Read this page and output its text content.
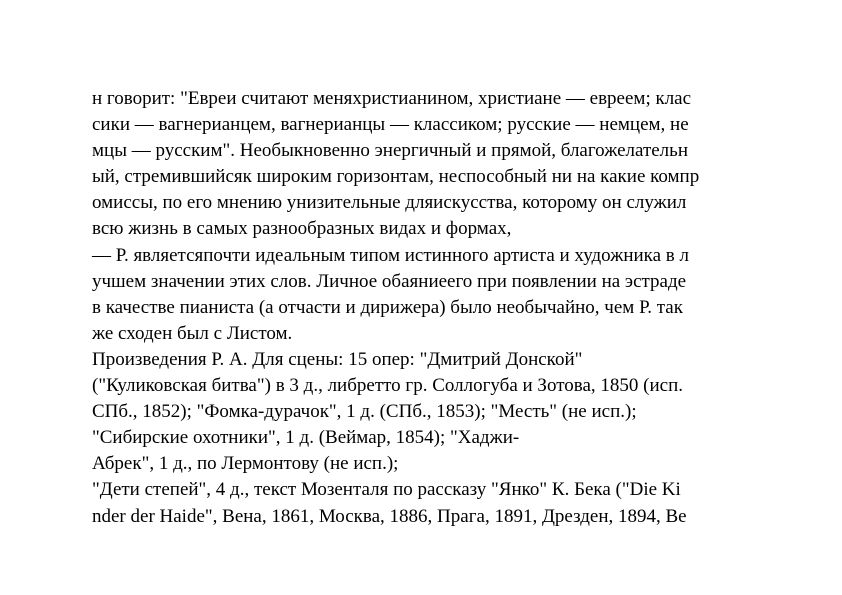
н говорит: "Евреи считают меняхристианином, христиане — евреем; клас
сики — вагнерианцем, вагнерианцы — классиком; русские — немцем, не
мцы — русским". Необыкновенно энергичный и прямой, благожелательн
ый, стремившийсяк широким горизонтам, неспособный ни на какие компр
омиссы, по его мнению унизительные дляискусства, которому он служил
всю жизнь в самых разнообразных видах и формах,
— Р. являетсяпочти идеальным типом истинного артиста и художника в л
учшем значении этих слов. Личное обаяниеего при появлении на эстраде
в качестве пианиста (а отчасти и дирижера) было необычайно, чем Р. так
же сходен был с Листом.
Произведения Р. А. Для сцены: 15 опер: "Дмитрий Донской"
("Куликовская битва") в 3 д., либретто гр. Соллогуба и Зотова, 1850 (исп.
СПб., 1852); "Фомка-дурачок", 1 д. (СПб., 1853); "Месть" (не исп.);
"Сибирские охотники", 1 д. (Веймар, 1854); "Хаджи-
Абрек", 1 д., по Лермонтову (не исп.);
"Дети степей", 4 д., текст Мозенталя по рассказу "Янко" К. Бека ("Die Ki
nder der Haide", Вена, 1861, Москва, 1886, Прага, 1891, Дрезден, 1894, Ве
